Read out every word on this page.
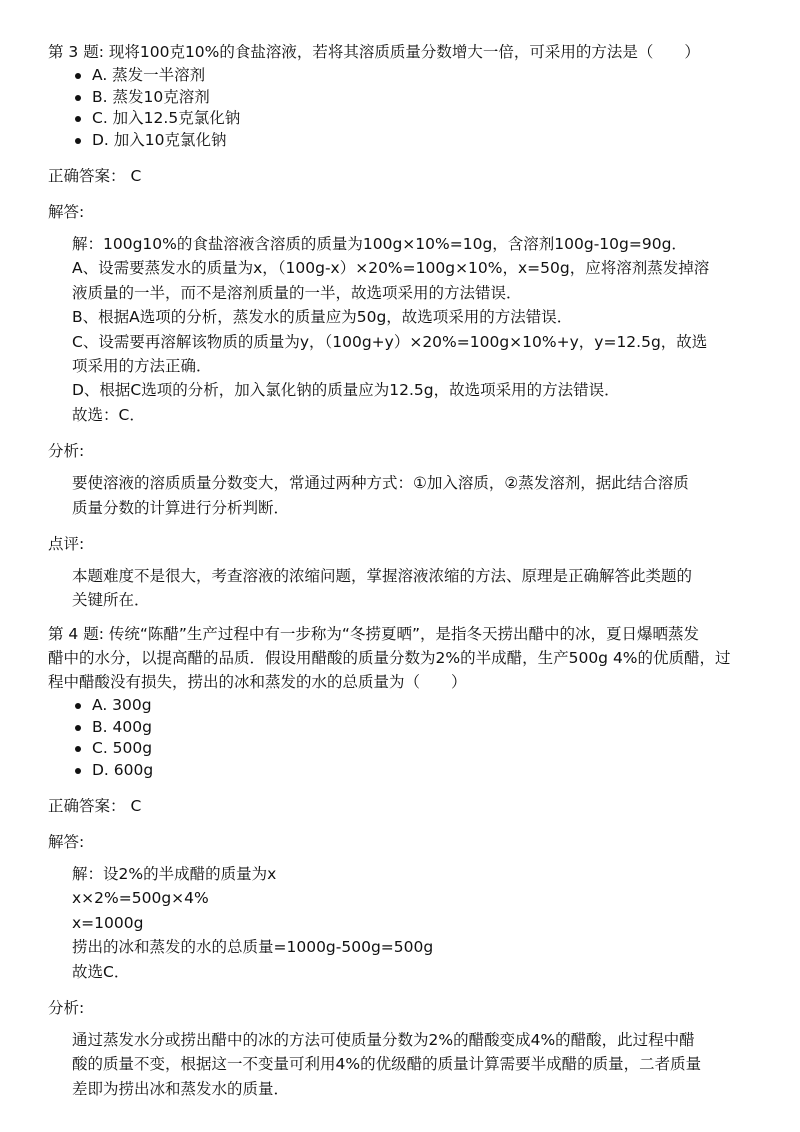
第 3 题: 现将100克10%的食盐溶液，若将其溶质质量分数增大一倍，可采用的方法是（　　）

A. 蒸发一半溶剂
B. 蒸发10克溶剂
C. 加入12.5克氯化钠
D. 加入10克氯化钠
正确答案： C
解答:
解：100g10%的食盐溶液含溶质的质量为100g×10%=10g，含溶剂100g-10g=90g．
A、设需要蒸发水的质量为x，（100g-x）×20%=100g×10%，x=50g，应将溶剂蒸发掉溶
液质量的一半，而不是溶剂质量的一半，故选项采用的方法错误．
B、根据A选项的分析，蒸发水的质量应为50g，故选项采用的方法错误．
C、设需要再溶解该物质的质量为y，（100g+y）×20%=100g×10%+y，y=12.5g，故选
项采用的方法正确．
D、根据C选项的分析，加入氯化钠的质量应为12.5g，故选项采用的方法错误．
故选：C．
分析:
要使溶液的溶质质量分数变大，常通过两种方式：①加入溶质，②蒸发溶剂，据此结合溶质
质量分数的计算进行分析判断．
点评:
本题难度不是很大，考查溶液的浓缩问题，掌握溶液浓缩的方法、原理是正确解答此类题的
关键所在．

第 4 题: 传统“陈醋”生产过程中有一步称为“冬捞夏晒”，是指冬天捞出醋中的冰，夏日爆晒蒸发
醋中的水分，以提高醋的品质．假设用醋酸的质量分数为2%的半成醋，生产500g 4%的优质醋，过
程中醋酸没有损失，捞出的冰和蒸发的水的总质量为（　　）

A. 300g
B. 400g
C. 500g
D. 600g
正确答案： C
解答:
解：设2%的半成醋的质量为x
x×2%=500g×4%
x=1000g
捞出的冰和蒸发的水的总质量=1000g-500g=500g
故选C．
分析:
通过蒸发水分或捞出醋中的冰的方法可使质量分数为2%的醋酸变成4%的醋酸，此过程中醋
酸的质量不变，根据这一不变量可利用4%的优级醋的质量计算需要半成醋的质量，二者质量
差即为捞出冰和蒸发水的质量．
